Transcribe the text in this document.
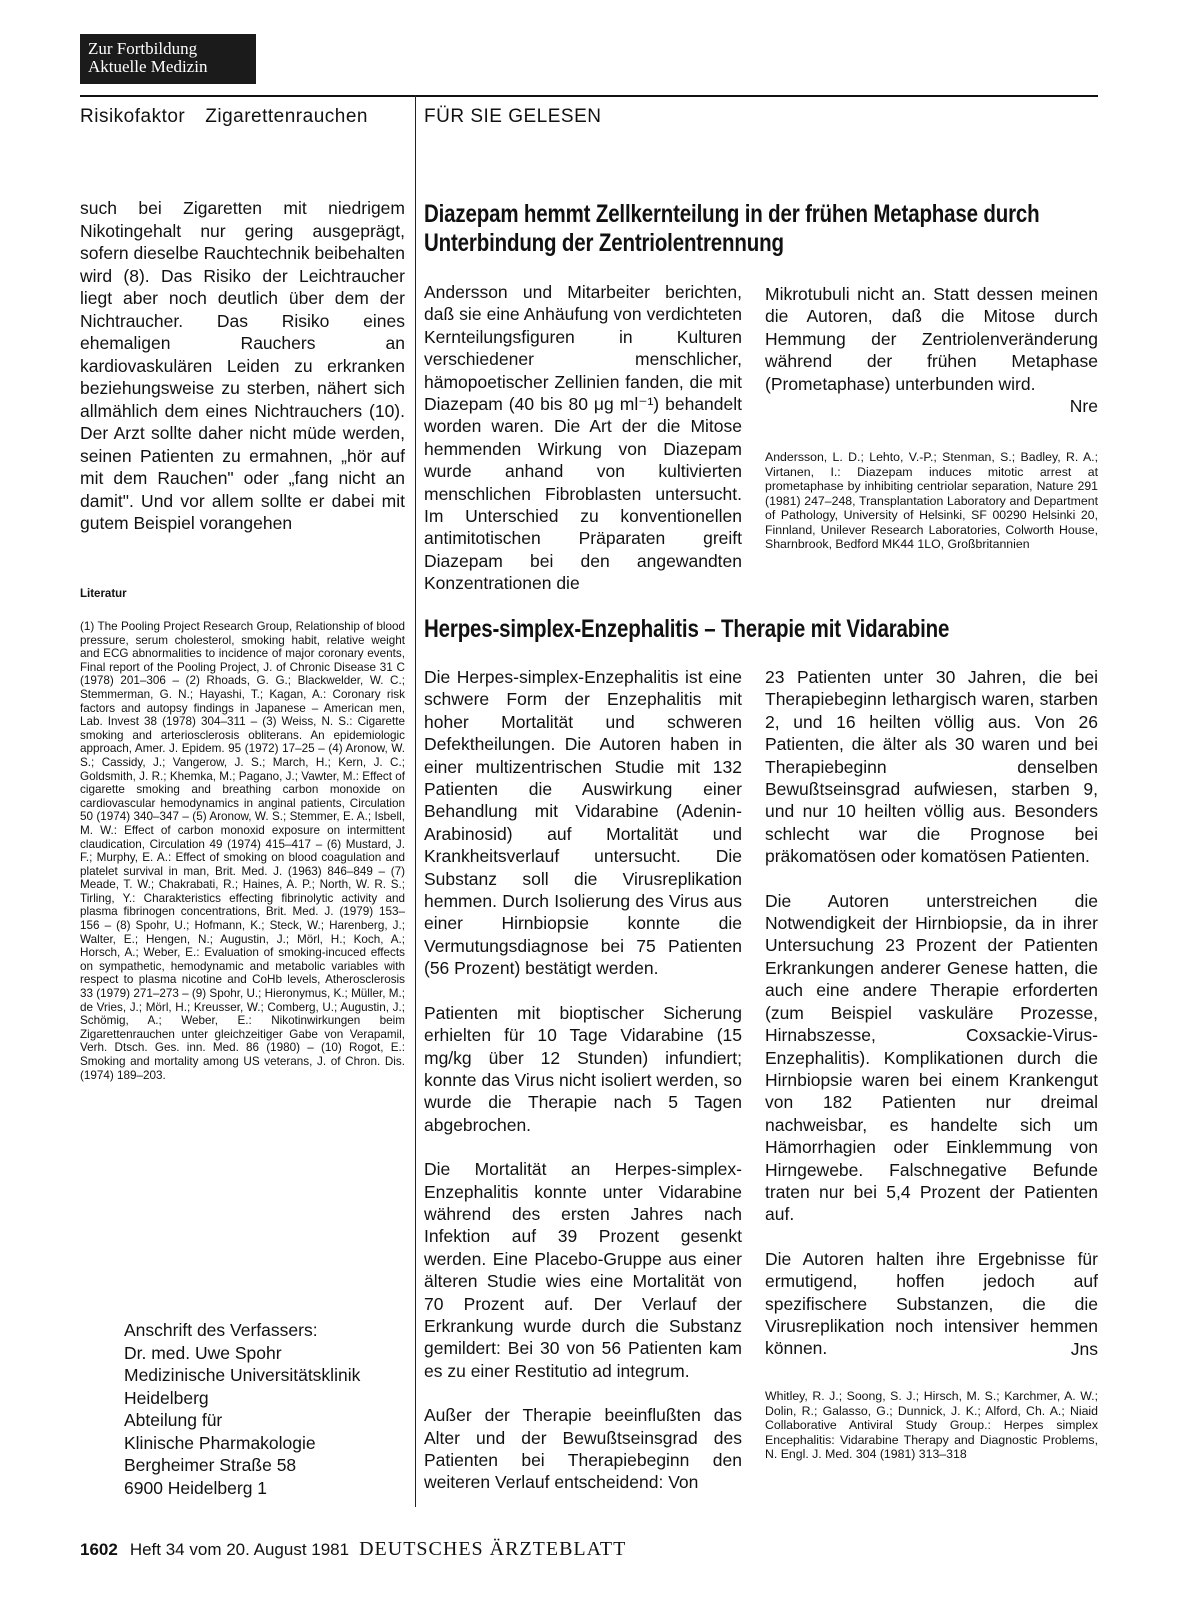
Zur Fortbildung
Aktuelle Medizin
Risikofaktor Zigarettenrauchen	FÜR SIE GELESEN
such bei Zigaretten mit niedrigem Nikotingehalt nur gering ausgeprägt, sofern dieselbe Rauchtechnik beibehalten wird (8). Das Risiko der Leichtraucher liegt aber noch deutlich über dem der Nichtraucher. Das Risiko eines ehemaligen Rauchers an kardiovaskulären Leiden zu erkranken beziehungsweise zu sterben, nähert sich allmählich dem eines Nichtrauchers (10). Der Arzt sollte daher nicht müde werden, seinen Patienten zu ermahnen, „hör auf mit dem Rauchen" oder „fang nicht an damit". Und vor allem sollte er dabei mit gutem Beispiel vorangehen
Literatur
(1) The Pooling Project Research Group, Relationship of blood pressure, serum cholesterol, smoking habit, relative weight and ECG abnormalities to incidence of major coronary events, Final report of the Pooling Project, J. of Chronic Disease 31 C (1978) 201–306 – (2) Rhoads, G. G.; Blackwelder, W. C.; Stemmerman, G. N.; Hayashi, T.; Kagan, A.: Coronary risk factors and autopsy findings in Japanese – American men, Lab. Invest 38 (1978) 304–311 – (3) Weiss, N. S.: Cigarette smoking and arteriosclerosis obliterans. An epidemiologic approach, Amer. J. Epidem. 95 (1972) 17–25 – (4) Aronow, W. S.; Cassidy, J.; Vangerow, J. S.; March, H.; Kern, J. C.; Goldsmith, J. R.; Khemka, M.; Pagano, J.; Vawter, M.: Effect of cigarette smoking and breathing carbon monoxide on cardiovascular hemodynamics in anginal patients, Circulation 50 (1974) 340–347 – (5) Aronow, W. S.; Stemmer, E. A.; Isbell, M. W.: Effect of carbon monoxid exposure on intermittent claudication, Circulation 49 (1974) 415–417 – (6) Mustard, J. F.; Murphy, E. A.: Effect of smoking on blood coagulation and platelet survival in man, Brit. Med. J. (1963) 846–849 – (7) Meade, T. W.; Chakrabati, R.; Haines, A. P.; North, W. R. S.; Tirling, Y.: Charakteristics effecting fibrinolytic activity and plasma fibrinogen concentrations, Brit. Med. J. (1979) 153–156 – (8) Spohr, U.; Hofmann, K.; Steck, W.; Harenberg, J.; Walter, E.; Hengen, N.; Augustin, J.; Mörl, H.; Koch, A.; Horsch, A.; Weber, E.: Evaluation of smoking-incuced effects on sympathetic, hemodynamic and metabolic variables with respect to plasma nicotine and CoHb levels, Atherosclerosis 33 (1979) 271–273 – (9) Spohr, U.; Hieronymus, K.; Müller, M.; de Vries, J.; Mörl, H.; Kreusser, W.; Comberg, U.; Augustin, J.; Schömig, A.; Weber, E.: Nikotinwirkungen beim Zigarettenrauchen unter gleichzeitiger Gabe von Verapamil, Verh. Dtsch. Ges. inn. Med. 86 (1980) – (10) Rogot, E.: Smoking and mortality among US veterans, J. of Chron. Dis. (1974) 189–203.
Anschrift des Verfassers:
Dr. med. Uwe Spohr
Medizinische Universitätsklinik
Heidelberg
Abteilung für
Klinische Pharmakologie
Bergheimer Straße 58
6900 Heidelberg 1
Diazepam hemmt Zellkernteilung in der frühen Metaphase durch Unterbindung der Zentriolentrennung
Andersson und Mitarbeiter berichten, daß sie eine Anhäufung von verdichteten Kernteilungsfiguren in Kulturen verschiedener menschlicher, hämopoetischer Zellinien fanden, die mit Diazepam (40 bis 80 μg ml⁻¹) behandelt worden waren. Die Art der die Mitose hemmenden Wirkung von Diazepam wurde anhand von kultivierten menschlichen Fibroblasten untersucht. Im Unterschied zu konventionellen antimitotischen Präparaten greift Diazepam bei den angewandten Konzentrationen die
Mikrotubuli nicht an. Statt dessen meinen die Autoren, daß die Mitose durch Hemmung der Zentriolenveränderung während der frühen Metaphase (Prometaphase) unterbunden wird.
Nre
Andersson, L. D.; Lehto, V.-P.; Stenman, S.; Badley, R. A.; Virtanen, I.: Diazepam induces mitotic arrest at prometaphase by inhibiting centriolar separation, Nature 291 (1981) 247–248, Transplantation Laboratory and Department of Pathology, University of Helsinki, SF 00290 Helsinki 20, Finnland, Unilever Research Laboratories, Colworth House, Sharnbrook, Bedford MK44 1LO, Großbritannien
Herpes-simplex-Enzephalitis – Therapie mit Vidarabine

Die Herpes-simplex-Enzephalitis ist eine schwere Form der Enzephalitis mit hoher Mortalität und schweren Defektheilungen. Die Autoren haben in einer multizentrischen Studie mit 132 Patienten die Auswirkung einer Behandlung mit Vidarabine (Adenin-Arabinosid) auf Mortalität und Krankheitsverlauf untersucht. Die Substanz soll die Virusreplikation hemmen. Durch Isolierung des Virus aus einer Hirnbiopsie konnte die Vermutungsdiagnose bei 75 Patienten (56 Prozent) bestätigt werden.

Patienten mit bioptischer Sicherung erhielten für 10 Tage Vidarabine (15 mg/kg über 12 Stunden) infundiert; konnte das Virus nicht isoliert werden, so wurde die Therapie nach 5 Tagen abgebrochen.

Die Mortalität an Herpes-simplex-Enzephalitis konnte unter Vidarabine während des ersten Jahres nach Infektion auf 39 Prozent gesenkt werden. Eine Placebo-Gruppe aus einer älteren Studie wies eine Mortalität von 70 Prozent auf. Der Verlauf der Erkrankung wurde durch die Substanz gemildert: Bei 30 von 56 Patienten kam es zu einer Restitutio ad integrum.

Außer der Therapie beeinflußten das Alter und der Bewußtseinsgrad des Patienten bei Therapiebeginn den weiteren Verlauf entscheidend: Von

23 Patienten unter 30 Jahren, die bei Therapiebeginn lethargisch waren, starben 2, und 16 heilten völlig aus. Von 26 Patienten, die älter als 30 waren und bei Therapiebeginn denselben Bewußtseinsgrad aufwiesen, starben 9, und nur 10 heilten völlig aus. Besonders schlecht war die Prognose bei präkomatösen oder komatösen Patienten.

Die Autoren unterstreichen die Notwendigkeit der Hirnbiopsie, da in ihrer Untersuchung 23 Prozent der Patienten Erkrankungen anderer Genese hatten, die auch eine andere Therapie erforderten (zum Beispiel vaskuläre Prozesse, Hirnabszesse, Coxsackie-Virus-Enzephalitis). Komplikationen durch die Hirnbiopsie waren bei einem Krankengut von 182 Patienten nur dreimal nachweisbar, es handelte sich um Hämorrhagien oder Einklemmung von Hirngewebe. Falschnegative Befunde traten nur bei 5,4 Prozent der Patienten auf.

Die Autoren halten ihre Ergebnisse für ermutigend, hoffen jedoch auf spezifischere Substanzen, die die Virusreplikation noch intensiver hemmen können.	Jns
Whitley, R. J.; Soong, S. J.; Hirsch, M. S.; Karchmer, A. W.; Dolin, R.; Galasso, G.; Dunnick, J. K.; Alford, Ch. A.; Niaid Collaborative Antiviral Study Group.: Herpes simplex Encephalitis: Vidarabine Therapy and Diagnostic Problems, N. Engl. J. Med. 304 (1981) 313–318
1602 Heft 34 vom 20. August 1981 DEUTSCHES ÄRZTEBLATT
